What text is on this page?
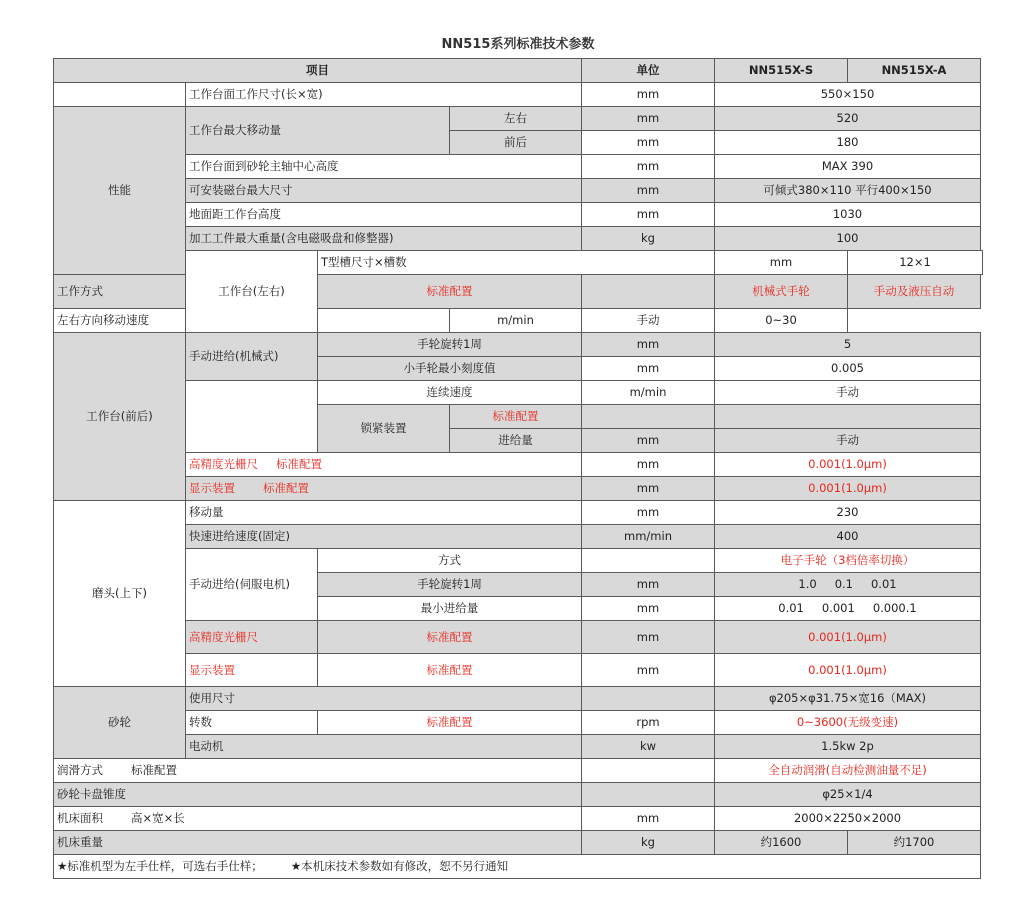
NN515系列标准技术参数
项目				单位	NN515X-S	NN515X-A
	工作台面工作尺寸(长×宽)			mm	550×150	
性能	工作台最大移动量		左右	mm	520	
			前后	mm	180	
	工作台面到砂轮主轴中心高度			mm	MAX 390	
	可安装磁台最大尺寸			mm	可倾式380×110 平行400×150	
	地面距工作台高度			mm	1030	
	加工工件最大重量(含电磁吸盘和修整器)			kg	100	
	工作台(左右)	T型槽尺寸×槽数			mm	12×1
工作方式		标准配置			机械式手轮	手动及液压自动
左右方向移动速度			m/min	手动	0~30	
工作台(前后)	手动进给(机械式)	手轮旋转1周		mm	5	
		小手轮最小刻度值		mm	0.005	
		连续速度		m/min	手动	
		锁紧装置	标准配置			
			进给量	mm	手动	
	高精度光栅尺 标准配置			mm	0.001(1.0μm)	
	显示装置 标准配置			mm	0.001(1.0μm)	
磨头(上下)	移动量			mm	230	
	快速进给速度(固定)			mm/min	400	
	手动进给(伺服电机)	方式			电子手轮（3档倍率切换）	
		手轮旋转1周		mm	1.0 0.1 0.01	
		最小进给量		mm	0.01 0.001 0.000.1	
	高精度光栅尺	标准配置		mm	0.001(1.0μm)	
	显示装置	标准配置		mm	0.001(1.0μm)	
砂轮	使用尺寸				φ205×φ31.75×宽16（MAX)	
	转数	标准配置		rpm	0~3600(无级变速)	
	电动机			kw	1.5kw 2p	
润滑方式 标准配置					全自动润滑(自动检测油量不足)	
砂轮卡盘锥度					φ25×1/4	
机床面积 高×宽×长				mm	2000×2250×2000	
机床重量				kg	约1600	约1700
★标准机型为左手仕样，可选右手仕样； ★本机床技术参数如有修改，恕不另行通知						
